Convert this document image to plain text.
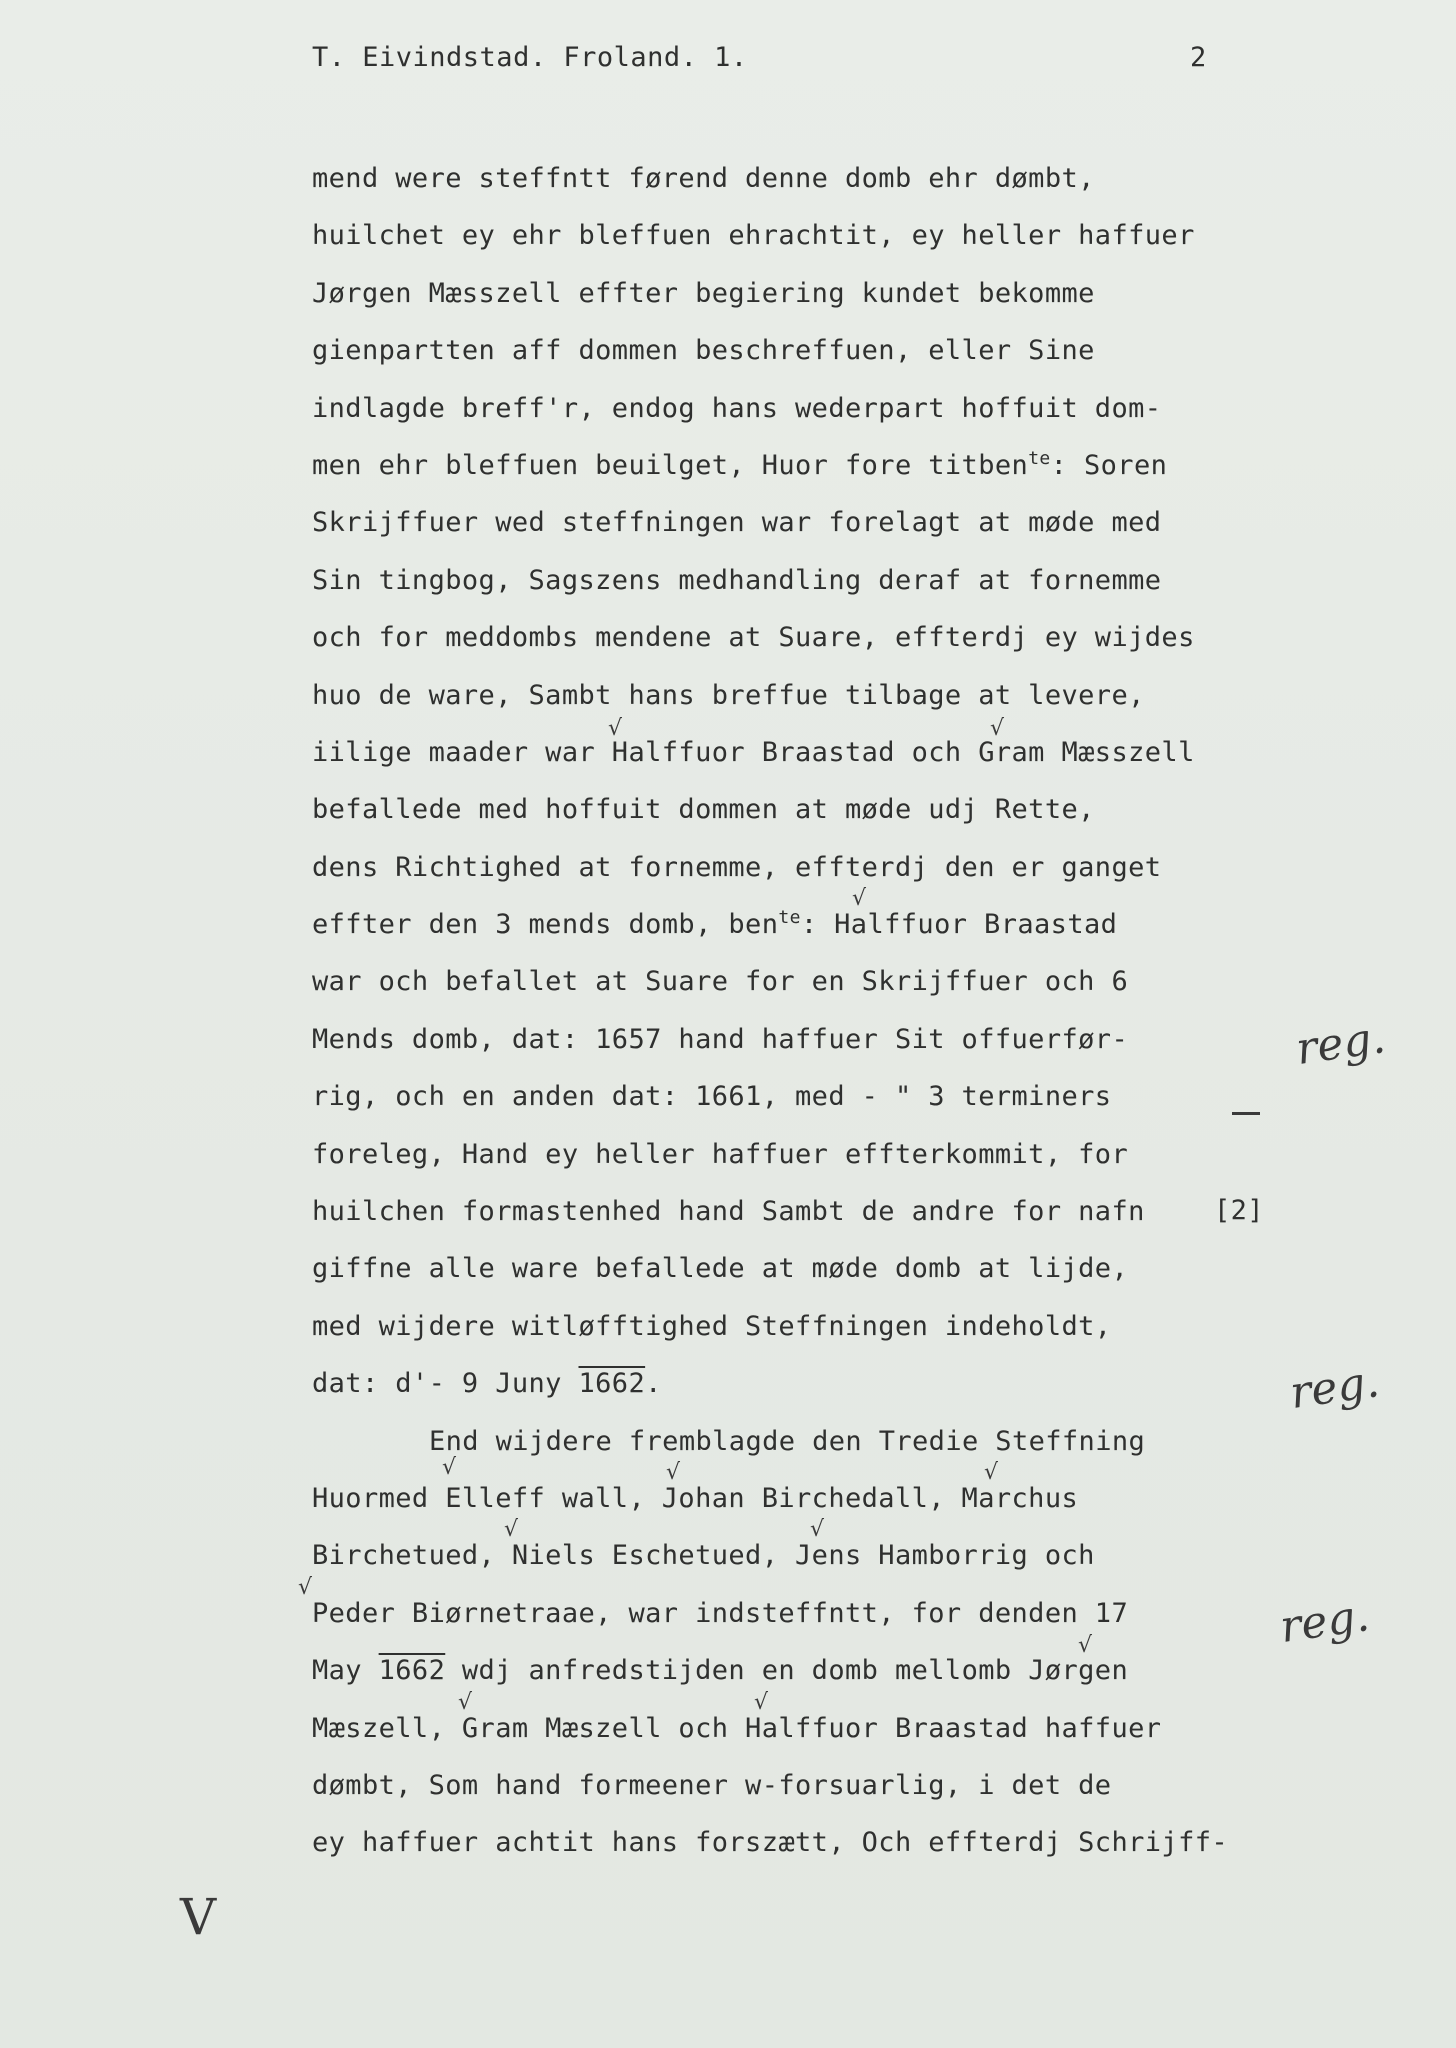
T. Eivindstad. Froland. 1.	2
mend were steffntt førend denne domb ehr dømbt,
huilchet ey ehr bleffuen ehrachtit, ey heller haffuer
Jørgen Mæsszell effter begiering kundet bekomme
gienpartten aff dommen beschreffuen, eller Sine
indlagde breff'r, endog hans wederpart hoffuit dom-
men ehr bleffuen beuilget, Huor fore titben$^{te}$: Soren
Skrijffuer wed steffningen war forelagt at møde med
Sin tingbog, Sagszens medhandling deraf at fornemme
och for meddombs mendene at Suare, effterdj ey wijdes
huo de ware, Sambt hans breffue tilbage at levere,
iilige maader war Halffuor Braastad och Gram Mæsszell
befallede med hoffuit dommen at møde udj Rette,
dens Richtighed at fornemme, effterdj den er ganget
effter den 3 mends domb, ben$^{te}$: Halffuor Braastad
war och befallet at Suare for en Skrijffuer och 6
Mends domb, dat: 1657 hand haffuer Sit offuerfør-
rig, och en anden dat: 1661, med - " 3 terminers
foreleg, Hand ey heller haffuer effterkommit, for
huilchen formastenhed hand Sambt de andre for nafn
giffne alle ware befallede at møde domb at lijde,
med wijdere witløfftighed Steffningen indeholdt,
dat: d'- 9 Juny 1662.
End wijdere fremblagde den Tredie Steffning
Huormed Elleff wall, Johan Birchedall, Marchus
Birchetued, Niels Eschetued, Jens Hamborrig och
Peder Biørnetraae, war indsteffntt, for denden 17
May 1662 wdj anfredstijden en domb mellomb Jørgen
Mæszell, Gram Mæszell och Halffuor Braastad haffuer
dømbt, Som hand formeener w-forsuarlig, i det de
ey haffuer achtit hans forszætt, Och effterdj Schrijff-
√	√
√
√	√	√
√	√
√
√
√	√
reg.
[2]
reg.
reg.
V
